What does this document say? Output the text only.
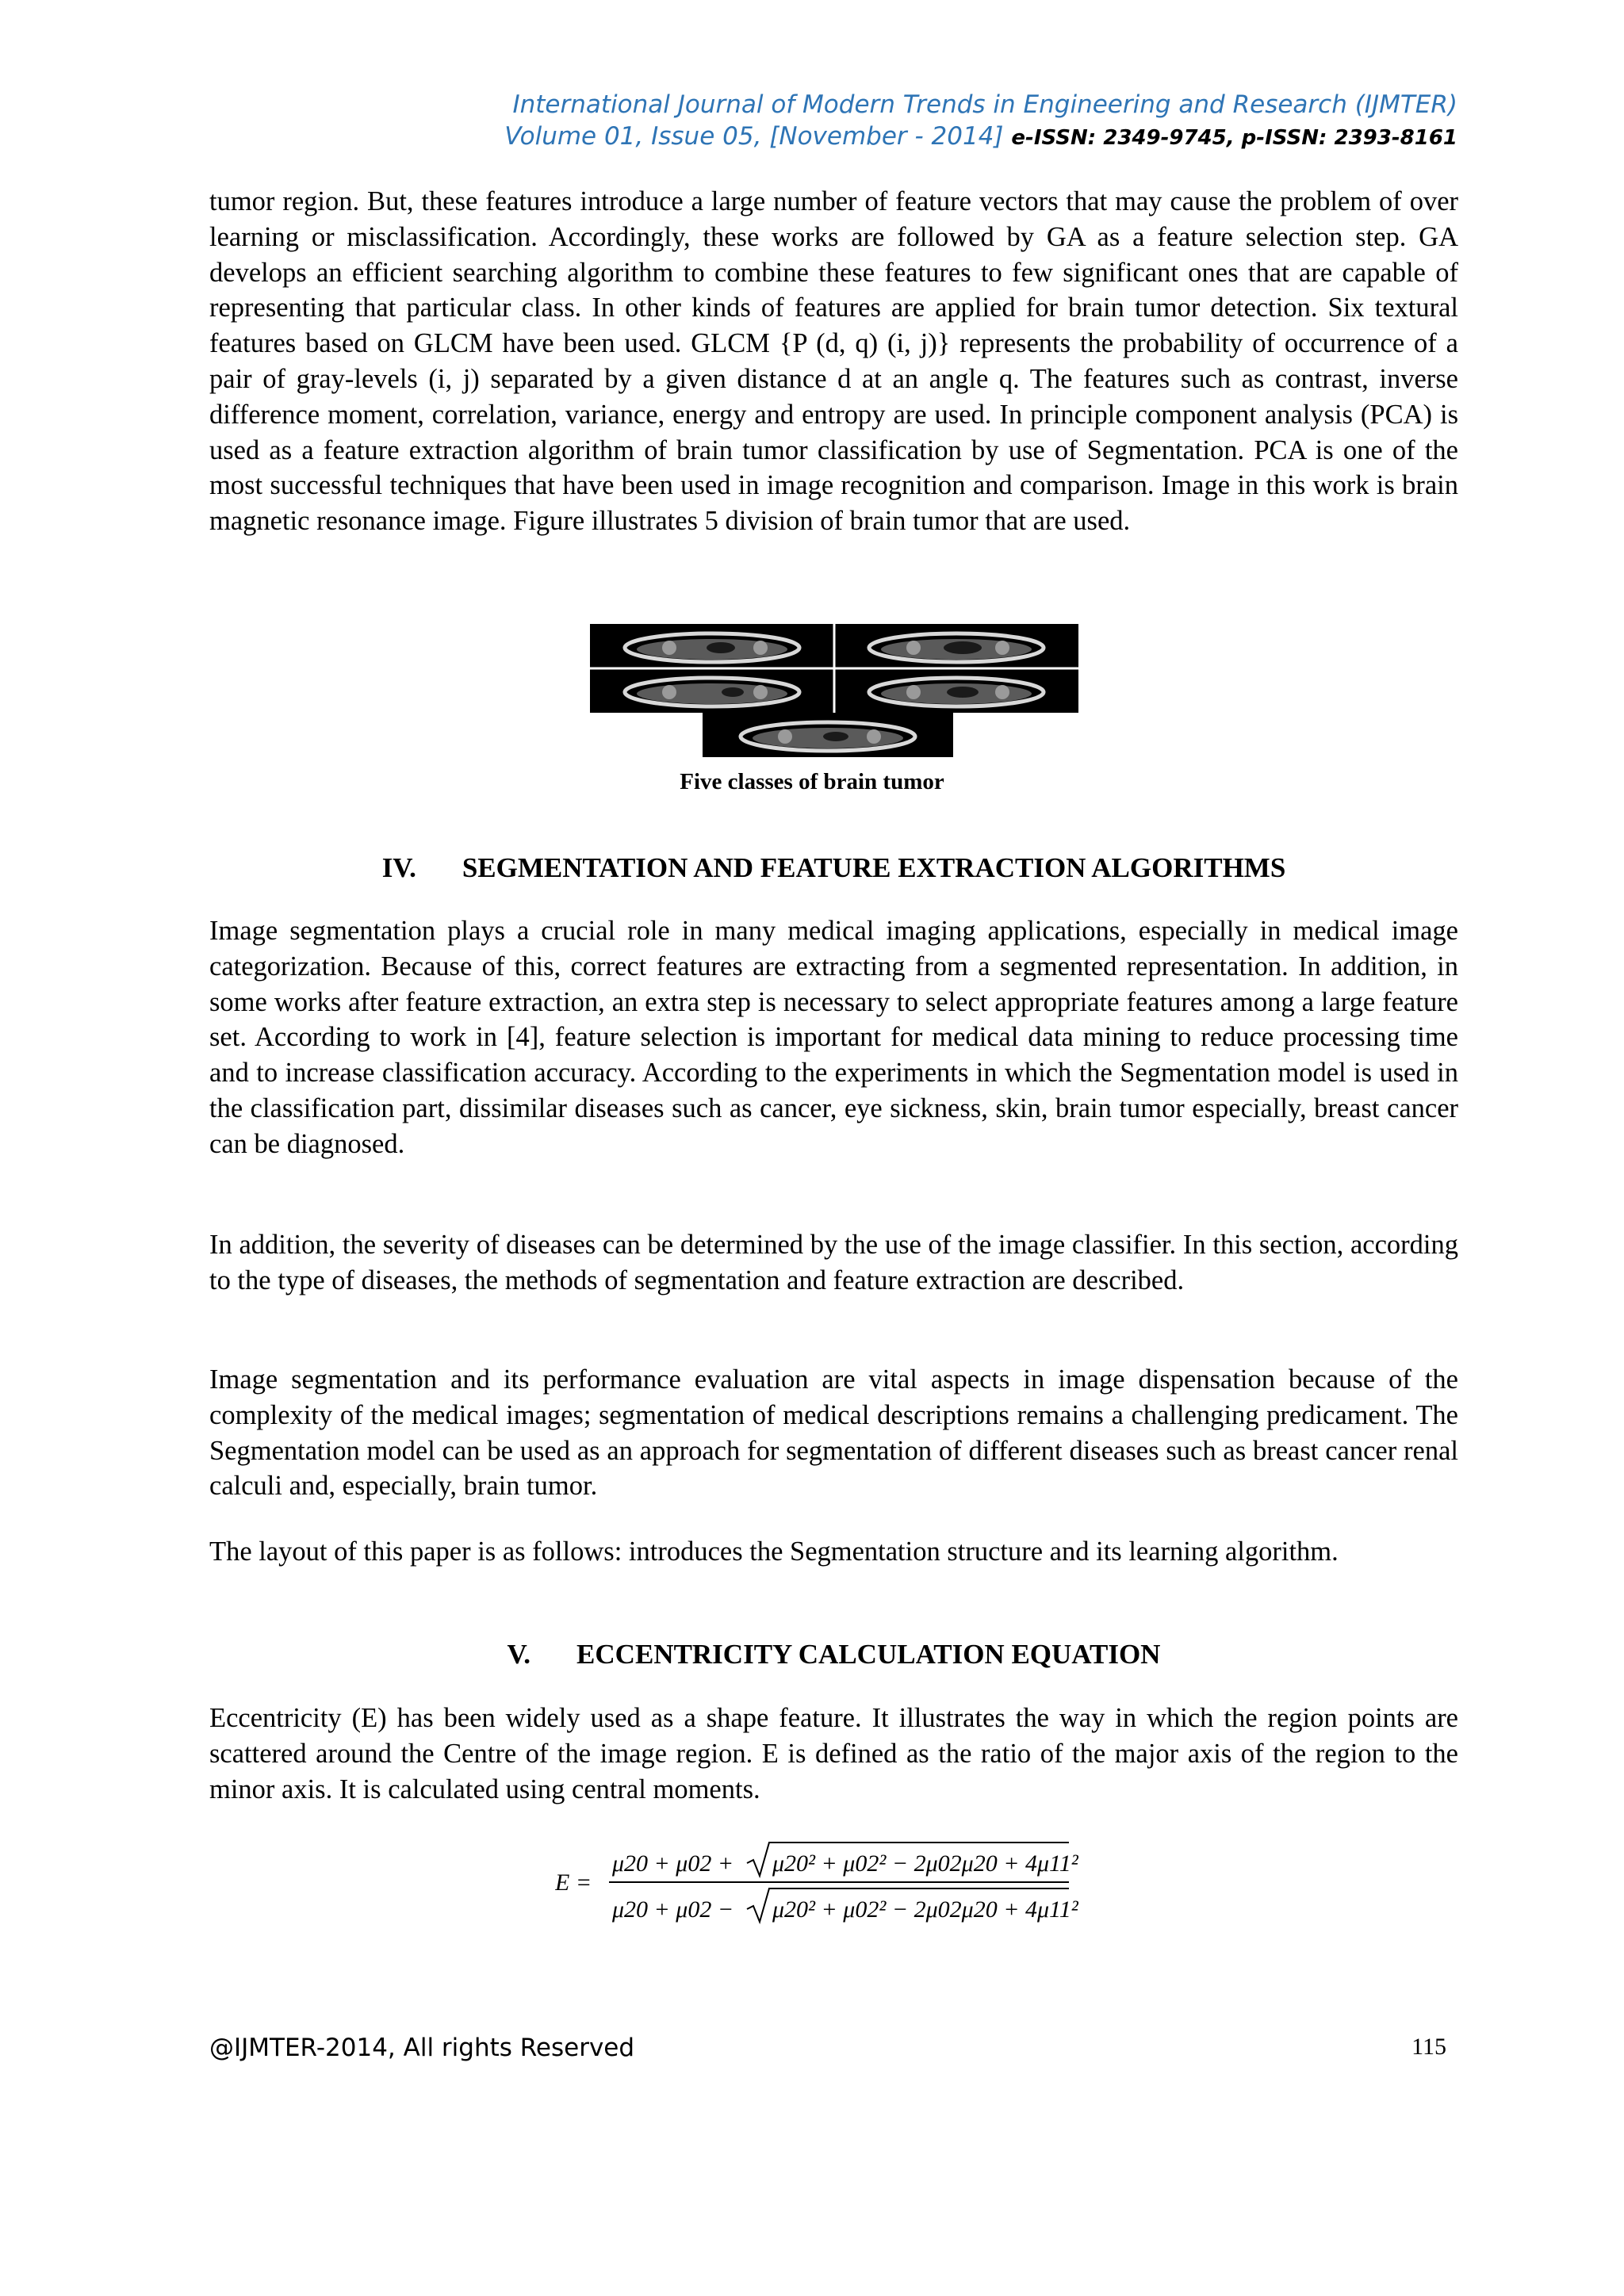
International Journal of Modern Trends in Engineering and Research (IJMTER)
Volume 01, Issue 05, [November - 2014] e-ISSN: 2349-9745, p-ISSN: 2393-8161

tumor region. But, these features introduce a large number of feature vectors that may cause the problem of over learning or misclassification. Accordingly, these works are followed by GA as a feature selection step. GA develops an efficient searching algorithm to combine these features to few significant ones that are capable of representing that particular class. In other kinds of features are applied for brain tumor detection. Six textural features based on GLCM have been used. GLCM {P (d, q) (i, j)} represents the probability of occurrence of a pair of gray-levels (i, j) separated by a given distance d at an angle q. The features such as contrast, inverse difference moment, correlation, variance, energy and entropy are used. In principle component analysis (PCA) is used as a feature extraction algorithm of brain tumor classification by use of Segmentation. PCA is one of the most successful techniques that have been used in image recognition and comparison. Image in this work is brain magnetic resonance image. Figure illustrates 5 division of brain tumor that are used.

Five classes of brain tumor
IV. SEGMENTATION AND FEATURE EXTRACTION ALGORITHMS

Image segmentation plays a crucial role in many medical imaging applications, especially in medical image categorization. Because of this, correct features are extracting from a segmented representation. In addition, in some works after feature extraction, an extra step is necessary to select appropriate features among a large feature set. According to work in [4], feature selection is important for medical data mining to reduce processing time and to increase classification accuracy. According to the experiments in which the Segmentation model is used in the classification part, dissimilar diseases such as cancer, eye sickness, skin, brain tumor especially, breast cancer can be diagnosed.

In addition, the severity of diseases can be determined by the use of the image classifier. In this section, according to the type of diseases, the methods of segmentation and feature extraction are described.

Image segmentation and its performance evaluation are vital aspects in image dispensation because of the complexity of the medical images; segmentation of medical descriptions remains a challenging predicament. The Segmentation model can be used as an approach for segmentation of different diseases such as breast cancer renal calculi and, especially, brain tumor.

The layout of this paper is as follows: introduces the Segmentation structure and its learning algorithm.

V. ECCENTRICITY CALCULATION EQUATION

Eccentricity (E) has been widely used as a shape feature. It illustrates the way in which the region points are scattered around the Centre of the image region. E is defined as the ratio of the major axis of the region to the minor axis. It is calculated using central moments.

E =
μ20 + μ02 + μ20² + μ02² − 2μ02μ20 + 4μ11²
μ20 + μ02 − μ20² + μ02² − 2μ02μ20 + 4μ11²
@IJMTER-2014, All rights Reserved	115
